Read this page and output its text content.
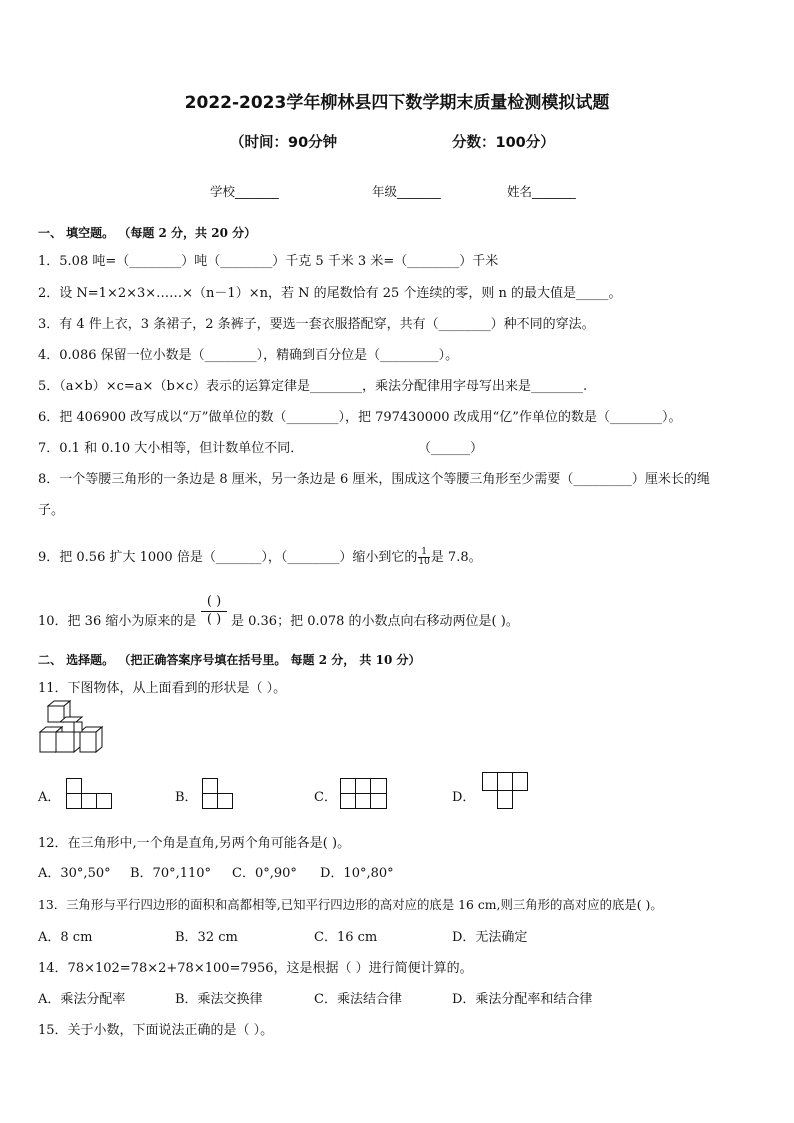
2022-2023学年柳林县四下数学期末质量检测模拟试题
（时间：90分钟	分数：100分）
学校_______	年级_______	姓名_______
一、 填空题。 （每题 2 分，共 20 分）
1．5.08 吨=（________）吨（________）千克 5 千米 3 米=（________）千米
2．设 N=1×2×3×……×（n－1）×n，若 N 的尾数恰有 25 个连续的零，则 n 的最大值是_____。
3．有 4 件上衣，3 条裙子，2 条裤子，要选一套衣服搭配穿，共有（________）种不同的穿法。
4．0.086 保留一位小数是（________），精确到百分位是（_________）。
5．（a×b）×c=a×（b×c）表示的运算定律是________，乘法分配律用字母写出来是________.
6．把 406900 改写成以“万”做单位的数（________），把 797430000 改成用“亿”作单位的数是（________）。
7．0.1 和 0.10 大小相等，但计数单位不同．	（______）
8．一个等腰三角形的一条边是 8 厘米，另一条边是 6 厘米，围成这个等腰三角形至少需要（_________）厘米长的绳
子。
9．把 0.56 扩大 1000 倍是（_______），（________）缩小到它的$\frac{1}{10}$ 是 7.8。
10．把 36 缩小为原来的是
( )
( ) 是 0.36；把 0.078 的小数点向右移动两位是( )。
二、 选择题。 （把正确答案序号填在括号里。 每题 2 分， 共 10 分）
11．下图物体，从上面看到的形状是（ ）。
A．	B．	C．	D．
12．在三角形中,一个角是直角,另两个角可能各是( )。
A．30°,50° B．70°,110° C．0°,90° D．10°,80°
13．三角形与平行四边形的面积和高都相等,已知平行四边形的高对应的底是 16 cm,则三角形的高对应的底是( )。
A．8 cm	B．32 cm	C．16 cm	D．无法确定
14．78×102=78×2+78×100=7956，这是根据（ ）进行简便计算的。
A．乘法分配率	B．乘法交换律	C．乘法结合律	D．乘法分配率和结合律
15．关于小数，下面说法正确的是（ ）。
